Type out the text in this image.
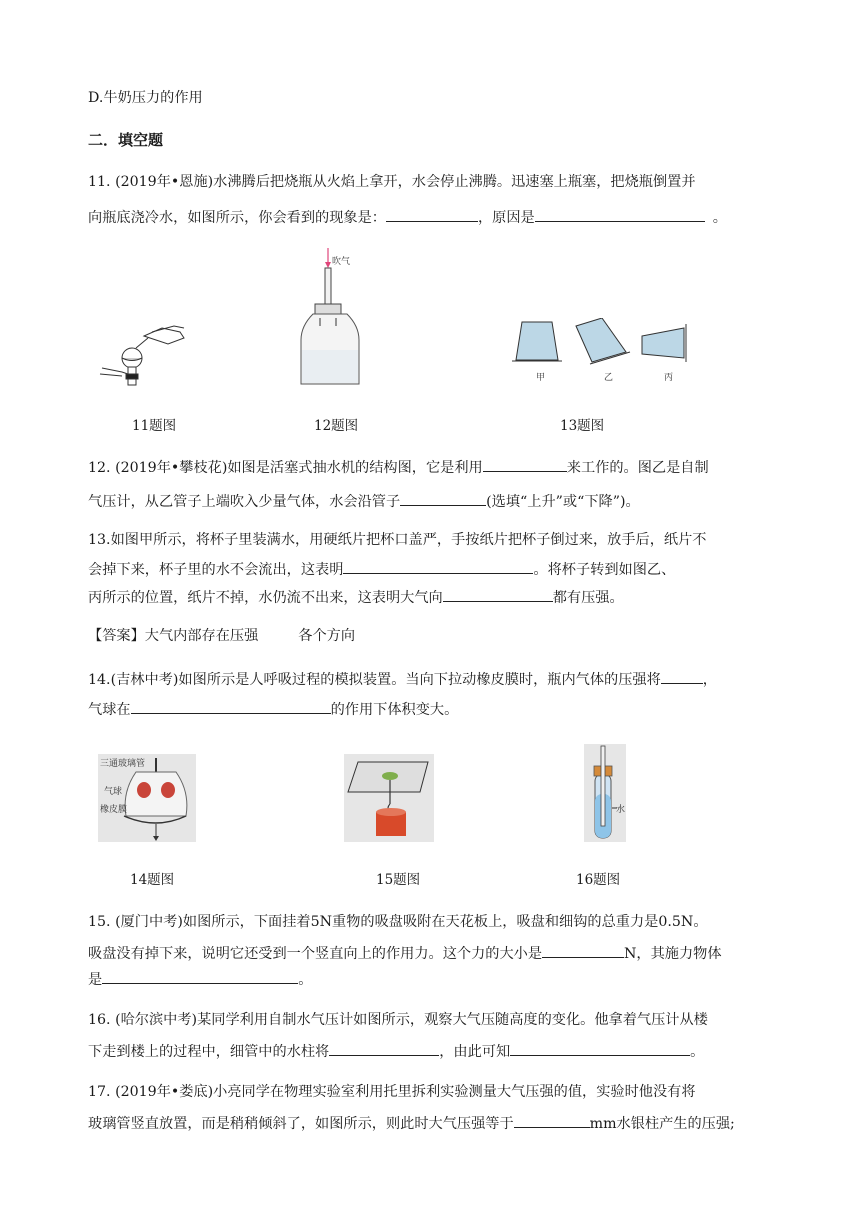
D.牛奶压力的作用
二．填空题
11. (2019年•恩施)水沸腾后把烧瓶从火焰上拿开，水会停止沸腾。迅速塞上瓶塞，把烧瓶倒置并
向瓶底浇冷水，如图所示，你会看到的现象是：	，原因是	。
吹气
甲	乙	丙
11题图	12题图	13题图
12. (2019年•攀枝花)如图是活塞式抽水机的结构图，它是利用	来工作的。图乙是自制
气压计，从乙管子上端吹入少量气体，水会沿管子	(选填“上升”或“下降”)。
13.如图甲所示，将杯子里装满水，用硬纸片把杯口盖严，手按纸片把杯子倒过来，放手后，纸片不
会掉下来，杯子里的水不会流出，这表明	。将杯子转到如图乙、
丙所示的位置，纸片不掉，水仍流不出来，这表明大气向	都有压强。
【答案】大气内部存在压强	各个方向
14.(吉林中考)如图所示是人呼吸过程的模拟装置。当向下拉动橡皮膜时，瓶内气体的压强将	，
气球在	的作用下体积变大。
三通玻璃管
气球
橡皮膜	水
14题图	15题图	16题图
15. (厦门中考)如图所示，下面挂着5N重物的吸盘吸附在天花板上，吸盘和细钩的总重力是0.5N。
吸盘没有掉下来，说明它还受到一个竖直向上的作用力。这个力的大小是	N，其施力物体
是	。
16. (哈尔滨中考)某同学利用自制水气压计如图所示，观察大气压随高度的变化。他拿着气压计从楼
下走到楼上的过程中，细管中的水柱将	，由此可知	。
17. (2019年•娄底)小亮同学在物理实验室利用托里拆利实验测量大气压强的值，实验时他没有将
玻璃管竖直放置，而是稍稍倾斜了，如图所示，则此时大气压强等于	mm水银柱产生的压强;
